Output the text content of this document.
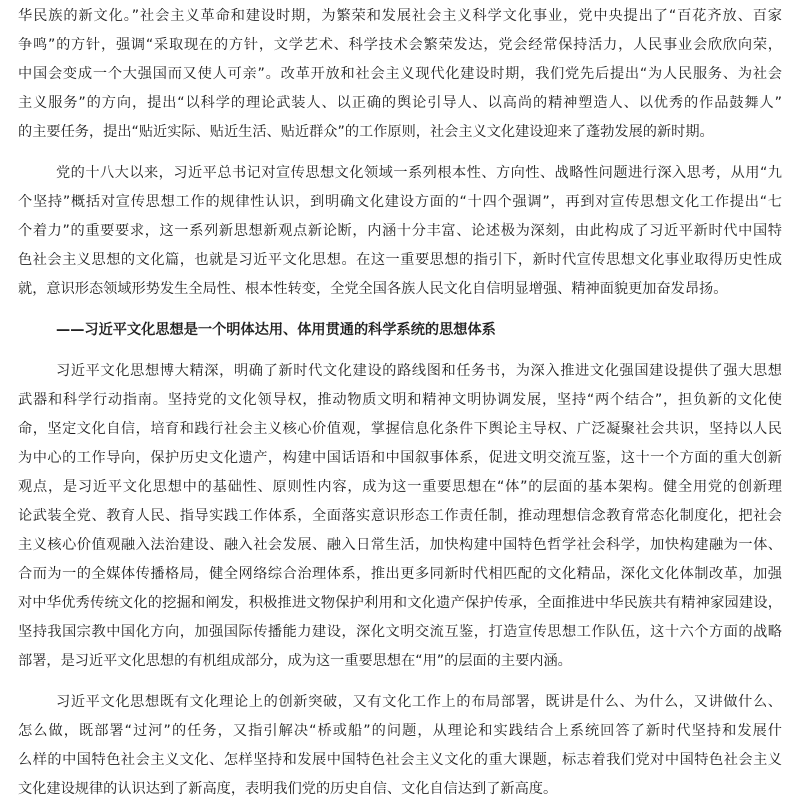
华民族的新文化。”社会主义革命和建设时期，为繁荣和发展社会主义科学文化事业，党中央提出了“百花齐放、百家
争鸣”的方针，强调“采取现在的方针，文学艺术、科学技术会繁荣发达，党会经常保持活力，人民事业会欣欣向荣，
中国会变成一个大强国而又使人可亲”。改革开放和社会主义现代化建设时期，我们党先后提出“为人民服务、为社会
主义服务”的方向，提出“以科学的理论武装人、以正确的舆论引导人、以高尚的精神塑造人、以优秀的作品鼓舞人”
的主要任务，提出“贴近实际、贴近生活、贴近群众”的工作原则，社会主义文化建设迎来了蓬勃发展的新时期。
党的十八大以来，习近平总书记对宣传思想文化领域一系列根本性、方向性、战略性问题进行深入思考，从用“九
个坚持”概括对宣传思想工作的规律性认识，到明确文化建设方面的“十四个强调”，再到对宣传思想文化工作提出“七
个着力”的重要要求，这一系列新思想新观点新论断，内涵十分丰富、论述极为深刻，由此构成了习近平新时代中国特
色社会主义思想的文化篇，也就是习近平文化思想。在这一重要思想的指引下，新时代宣传思想文化事业取得历史性成
就，意识形态领域形势发生全局性、根本性转变，全党全国各族人民文化自信明显增强、精神面貌更加奋发昂扬。
——习近平文化思想是一个明体达用、体用贯通的科学系统的思想体系
习近平文化思想博大精深，明确了新时代文化建设的路线图和任务书，为深入推进文化强国建设提供了强大思想
武器和科学行动指南。坚持党的文化领导权，推动物质文明和精神文明协调发展，坚持“两个结合”，担负新的文化使
命，坚定文化自信，培育和践行社会主义核心价值观，掌握信息化条件下舆论主导权、广泛凝聚社会共识，坚持以人民
为中心的工作导向，保护历史文化遗产，构建中国话语和中国叙事体系，促进文明交流互鉴，这十一个方面的重大创新
观点，是习近平文化思想中的基础性、原则性内容，成为这一重要思想在“体”的层面的基本架构。健全用党的创新理
论武装全党、教育人民、指导实践工作体系，全面落实意识形态工作责任制，推动理想信念教育常态化制度化，把社会
主义核心价值观融入法治建设、融入社会发展、融入日常生活，加快构建中国特色哲学社会科学，加快构建融为一体、
合而为一的全媒体传播格局，健全网络综合治理体系，推出更多同新时代相匹配的文化精品，深化文化体制改革，加强
对中华优秀传统文化的挖掘和阐发，积极推进文物保护利用和文化遗产保护传承，全面推进中华民族共有精神家园建设，
坚持我国宗教中国化方向，加强国际传播能力建设，深化文明交流互鉴，打造宣传思想工作队伍，这十六个方面的战略
部署，是习近平文化思想的有机组成部分，成为这一重要思想在“用”的层面的主要内涵。
习近平文化思想既有文化理论上的创新突破，又有文化工作上的布局部署，既讲是什么、为什么，又讲做什么、
怎么做，既部署“过河”的任务，又指引解决“桥或船”的问题，从理论和实践结合上系统回答了新时代坚持和发展什
么样的中国特色社会主义文化、怎样坚持和发展中国特色社会主义文化的重大课题，标志着我们党对中国特色社会主义
文化建设规律的认识达到了新高度，表明我们党的历史自信、文化自信达到了新高度。
